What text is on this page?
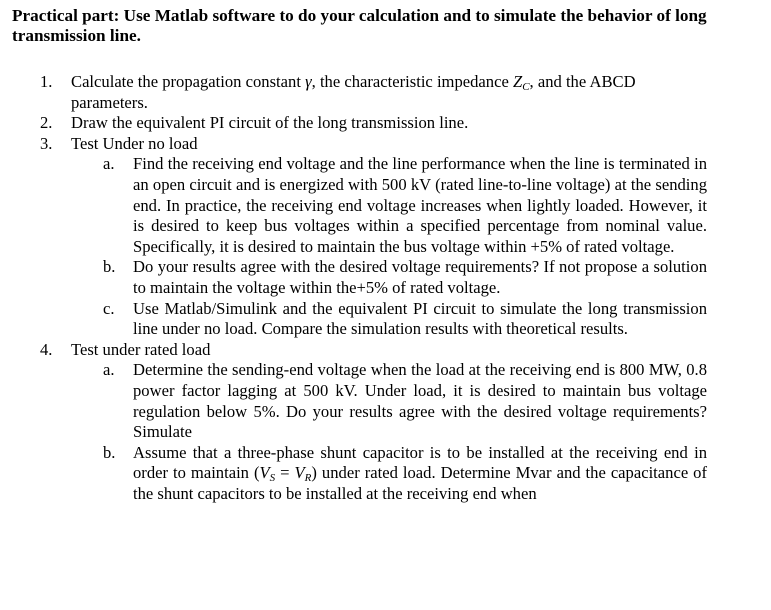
Practical part: Use Matlab software to do your calculation and to simulate the behavior of long transmission line.

1. Calculate the propagation constant γ, the characteristic impedance $Z_C$, and the ABCD parameters.
2. Draw the equivalent PI circuit of the long transmission line.
3. Test Under no load
a. Find the receiving end voltage and the line performance when the line is terminated in an open circuit and is energized with 500 kV (rated line-to-line voltage) at the sending end. In practice, the receiving end voltage increases when lightly loaded. However, it is desired to keep bus voltages within a specified percentage from nominal value. Specifically, it is desired to maintain the bus voltage within +5% of rated voltage.
b. Do your results agree with the desired voltage requirements? If not propose a solution to maintain the voltage within the+5% of rated voltage.
c. Use Matlab/Simulink and the equivalent PI circuit to simulate the long transmission line under no load. Compare the simulation results with theoretical results.
4. Test under rated load
a. Determine the sending-end voltage when the load at the receiving end is 800 MW, 0.8 power factor lagging at 500 kV. Under load, it is desired to maintain bus voltage regulation below 5%. Do your results agree with the desired voltage requirements? Simulate
b. Assume that a three-phase shunt capacitor is to be installed at the receiving end in order to maintain $(V_S = V_R)$ under rated load. Determine Mvar and the capacitance of the shunt capacitors to be installed at the receiving end when
